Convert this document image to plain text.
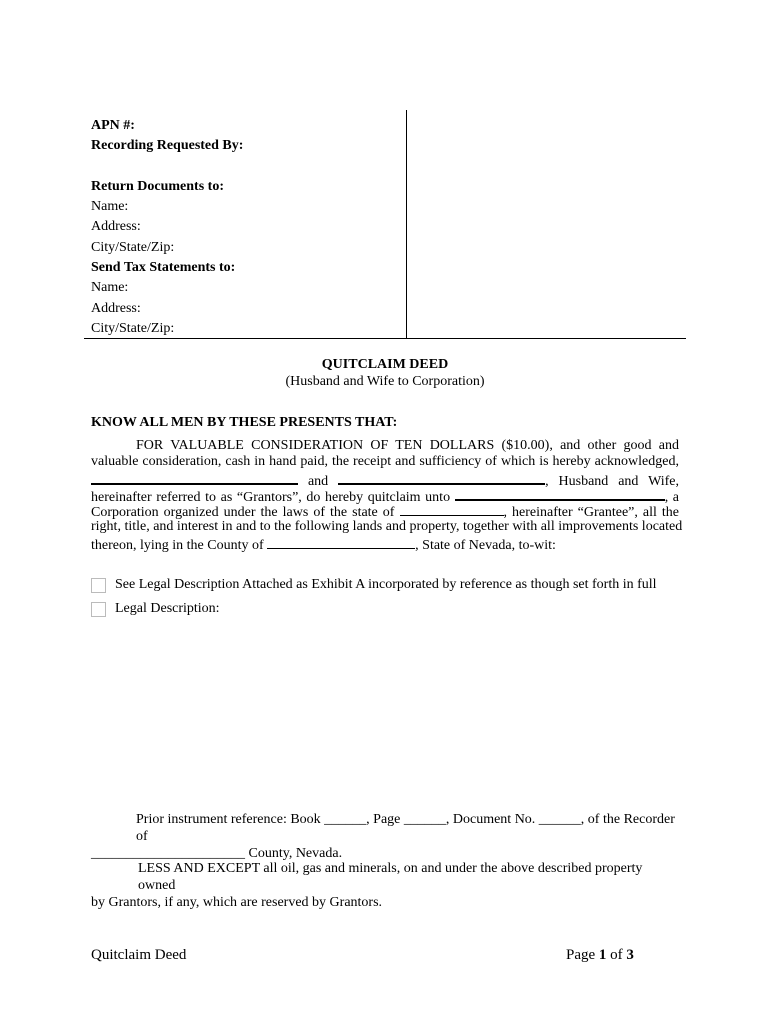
APN #:
Recording Requested By:
Return Documents to:
Name:
Address:
City/State/Zip:
Send Tax Statements to:
Name:
Address:
City/State/Zip:
QUITCLAIM DEED
(Husband and Wife to Corporation)
KNOW ALL MEN BY THESE PRESENTS THAT:
FOR VALUABLE CONSIDERATION OF TEN DOLLARS ($10.00), and other good and
valuable consideration, cash in hand paid, the receipt and sufficiency of which is hereby acknowledged,
and	, Husband and Wife,
hereinafter referred to as “Grantors”, do hereby quitclaim unto	, a
Corporation organized under the laws of the state of	, hereinafter “Grantee”, all the
right, title, and interest in and to the following lands and property, together with all improvements located
thereon, lying in the County of	, State of Nevada, to-wit:
See Legal Description Attached as Exhibit A incorporated by reference as though set forth in full
Legal Description:
Prior instrument reference: Book ______, Page ______, Document No. ______, of the Recorder of
______________________ County, Nevada.
LESS AND EXCEPT all oil, gas and minerals, on and under the above described property owned
by Grantors, if any, which are reserved by Grantors.
Quitclaim Deed	Page 1 of 3
